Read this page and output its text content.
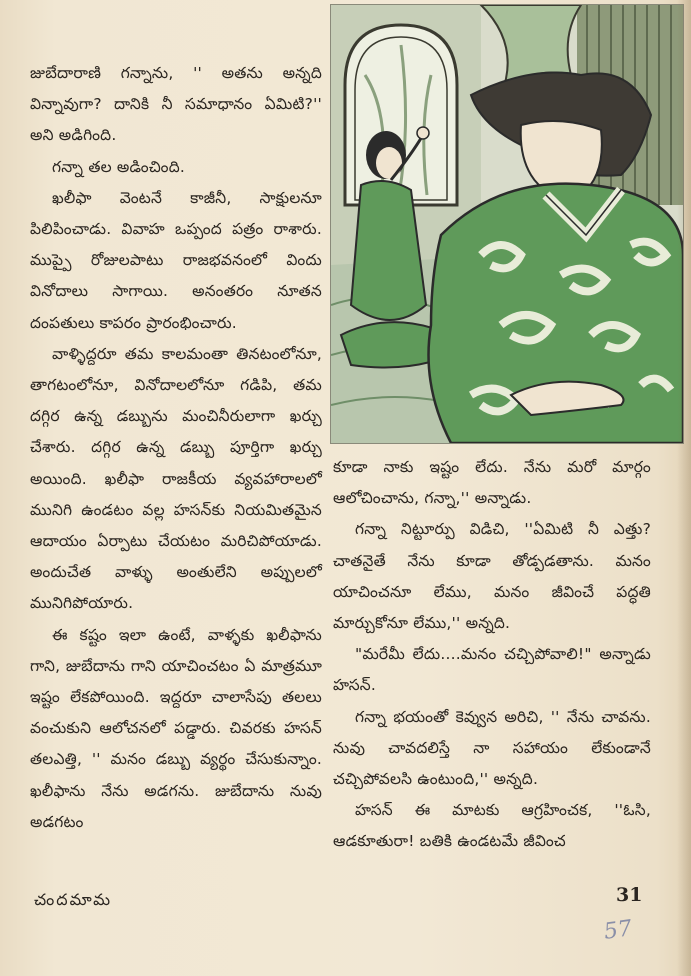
జుబేదారాణి గన్నాను, '' అతను అన్నది విన్నావుగా? దానికి నీ సమాధానం ఏమిటి?'' అని అడిగింది.

గన్నా తల అడించింది.

ఖలీఫా వెంటనే కాజీనీ, సాక్షులనూ పిలిపించాడు. వివాహ ఒప్పంద పత్రం రాశారు. ముప్పై రోజులపాటు రాజభవనంలో విందు వినోదాలు సాగాయి. అనంతరం నూతన దంపతులు కాపరం ప్రారంభించారు.

వాళ్ళిద్దరూ తమ కాలమంతా తినటంలోనూ, తాగటంలోనూ, వినోదాలలోనూ గడిపి, తమ దగ్గిర ఉన్న డబ్బును మంచినీరులాగా ఖర్చు చేశారు. దగ్గిర ఉన్న డబ్బు పూర్తిగా ఖర్చు అయింది. ఖలీఫా రాజకీయ వ్యవహారాలలో మునిగి ఉండటం వల్ల హసన్‌కు నియమితమైన ఆదాయం ఏర్పాటు చేయటం మరిచిపోయాడు. అందుచేత వాళ్ళు అంతులేని అప్పులలో మునిగిపోయారు.

ఈ కష్టం ఇలా ఉంటే, వాళ్ళకు ఖలీఫాను గాని, జుబేదాను గాని యాచించటం ఏ మాత్రమూ ఇష్టం లేకపోయింది. ఇద్దరూ చాలాసేపు తలలు వంచుకుని ఆలోచనలో పడ్డారు. చివరకు హసన్ తలఎత్తి, '' మనం డబ్బు వ్యర్థం చేసుకున్నాం. ఖలీఫాను నేను అడగను. జుబేదాను నువు అడగటం

కూడా నాకు ఇష్టం లేదు. నేను మరో మార్గం ఆలోచించాను, గన్నా,'' అన్నాడు.

గన్నా నిట్టూర్పు విడిచి, ''ఏమిటి నీ ఎత్తు? చాతనైతే నేను కూడా తోడ్పడతాను. మనం యాచించనూ లేము, మనం జీవించే పద్ధతి మార్చుకోనూ లేము,'' అన్నది.

"మరేమీ లేదు....మనం చచ్చిపోవాలి!" అన్నాడు హసన్.

గన్నా భయంతో కెవ్వున అరిచి, '' నేను చావను. నువు చావదలిస్తే నా సహాయం లేకుండానే చచ్చిపోవలసి ఉంటుంది,'' అన్నది.

హసన్ ఈ మాటకు ఆగ్రహించక, ''ఓసి, ఆడకూతురా! బతికి ఉండటమే జీవించ

చందమామ	31
57
